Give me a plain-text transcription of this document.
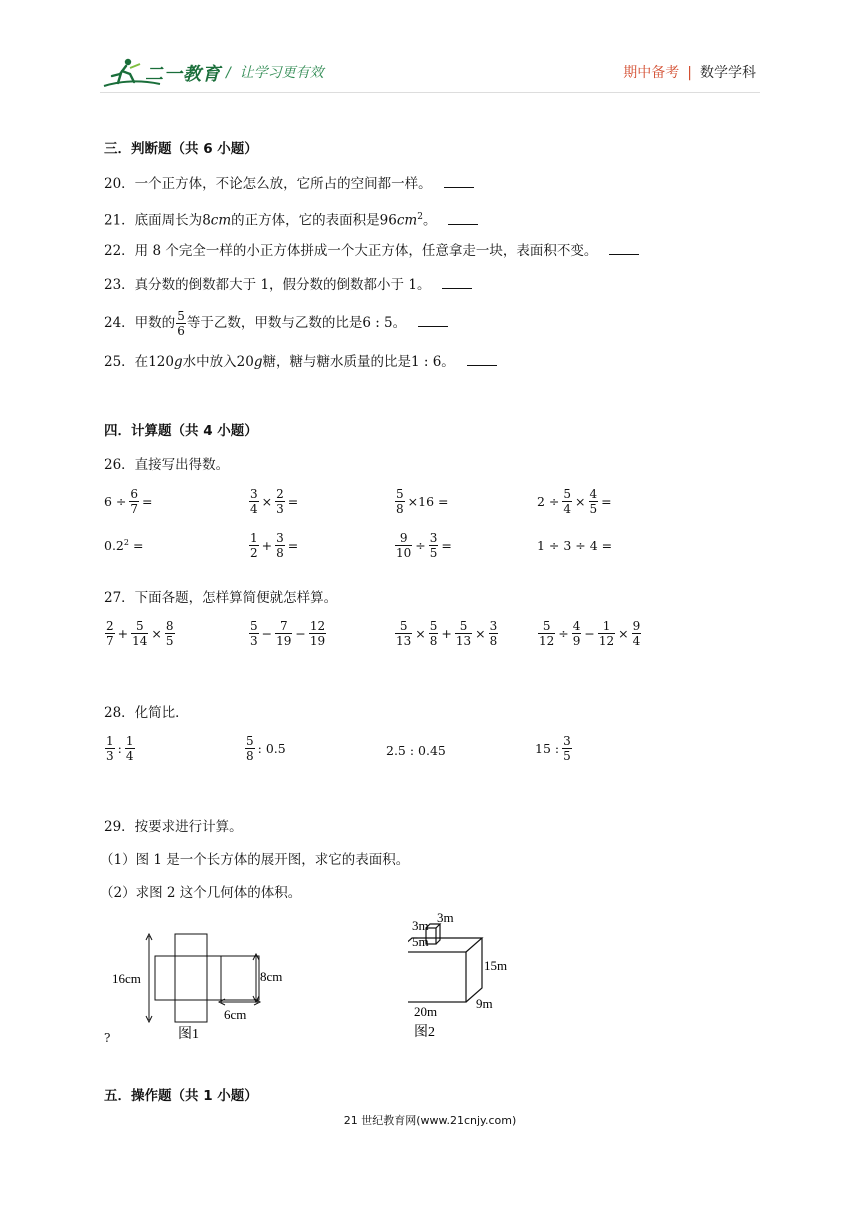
二一教育 /  让学习更有效	期中备考 | 数学学科
三．判断题（共 6 小题）
20．一个正方体，不论怎么放，它所占的空间都一样。
21．底面周长为8cm的正方体，它的表面积是$96cm^2$。
22．用 8 个完全一样的小正方体拼成一个大正方体，任意拿走一块，表面积不变。
23．真分数的倒数都大于 1，假分数的倒数都小于 1。
24．甲数的 $\frac{5}{6}$ 等于乙数，甲数与乙数的比是6 : 5。
25．在120g水中放入20g糖，糖与糖水质量的比是1 : 6。
四．计算题（共 4 小题）
26．直接写出得数。
$6 \div \frac{6}{7}$ =	$\frac{3}{4} \times \frac{2}{3}$ =	$\frac{5}{8} \times 16$ =	$2 \div \frac{5}{4} \times \frac{4}{5}$ =
$0.2^2$ =	$\frac{1}{2} + \frac{3}{8}$ =	$\frac{9}{10} \div \frac{3}{5}$ =	1 ÷ 3 ÷ 4 =
27．下面各题，怎样算简便就怎样算。
$\frac{2}{7} + \frac{5}{14} \times \frac{8}{5}$	$\frac{5}{3} - \frac{7}{19} - \frac{12}{19}$	$\frac{5}{13} \times \frac{5}{8} + \frac{5}{13} \times \frac{3}{8}$	$\frac{5}{12} \div \frac{4}{9} - \frac{1}{12} \times \frac{9}{4}$
28．化简比．
$\frac{1}{3}$ : $\frac{1}{4}$	$\frac{5}{8}$ : 0.5	2.5 : 0.45	15 : $\frac{3}{5}$
29．按要求进行计算。
（1）图 1 是一个长方体的展开图，求它的表面积。
（2）求图 2 这个几何体的体积。
16cm	8cm
6cm
图1
?
3m
3m
5m
15m
20m
9m
图2
五．操作题（共 1 小题）
21 世纪教育网(www.21cnjy.com)
